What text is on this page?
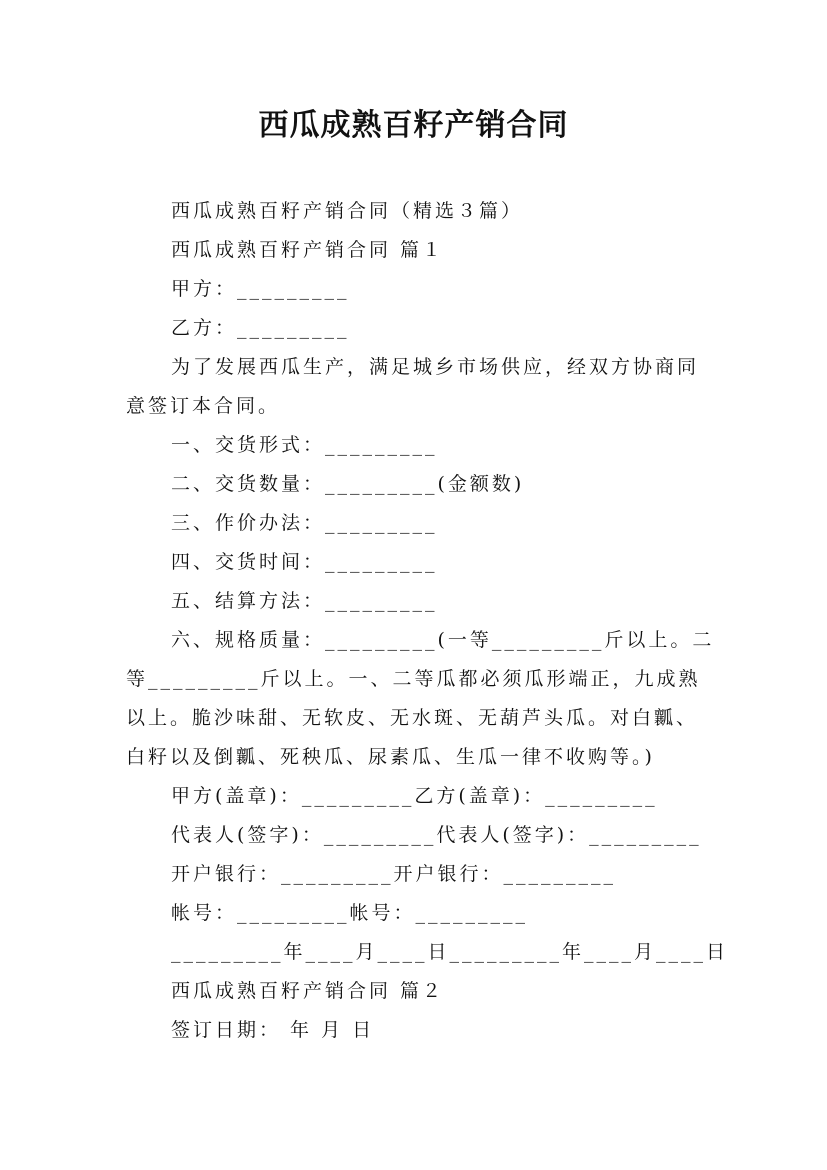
西瓜成熟百籽产销合同
西瓜成熟百籽产销合同（精选３篇）
西瓜成熟百籽产销合同 篇１
甲方：_________
乙方：_________
为了发展西瓜生产，满足城乡市场供应，经双方协商同
意签订本合同。
一、交货形式：_________
二、交货数量：_________(金额数)
三、作价办法：_________
四、交货时间：_________
五、结算方法：_________
六、规格质量：_________(一等_________斤以上。二
等_________斤以上。一、二等瓜都必须瓜形端正，九成熟
以上。脆沙味甜、无软皮、无水斑、无葫芦头瓜。对白瓤、
白籽以及倒瓤、死秧瓜、尿素瓜、生瓜一律不收购等。)
甲方(盖章)：_________乙方(盖章)：_________
代表人(签字)：_________代表人(签字)：_________
开户银行：_________开户银行：_________
帐号：_________帐号：_________
_________年____月____日_________年____月____日
西瓜成熟百籽产销合同 篇２
签订日期： 年 月 日
